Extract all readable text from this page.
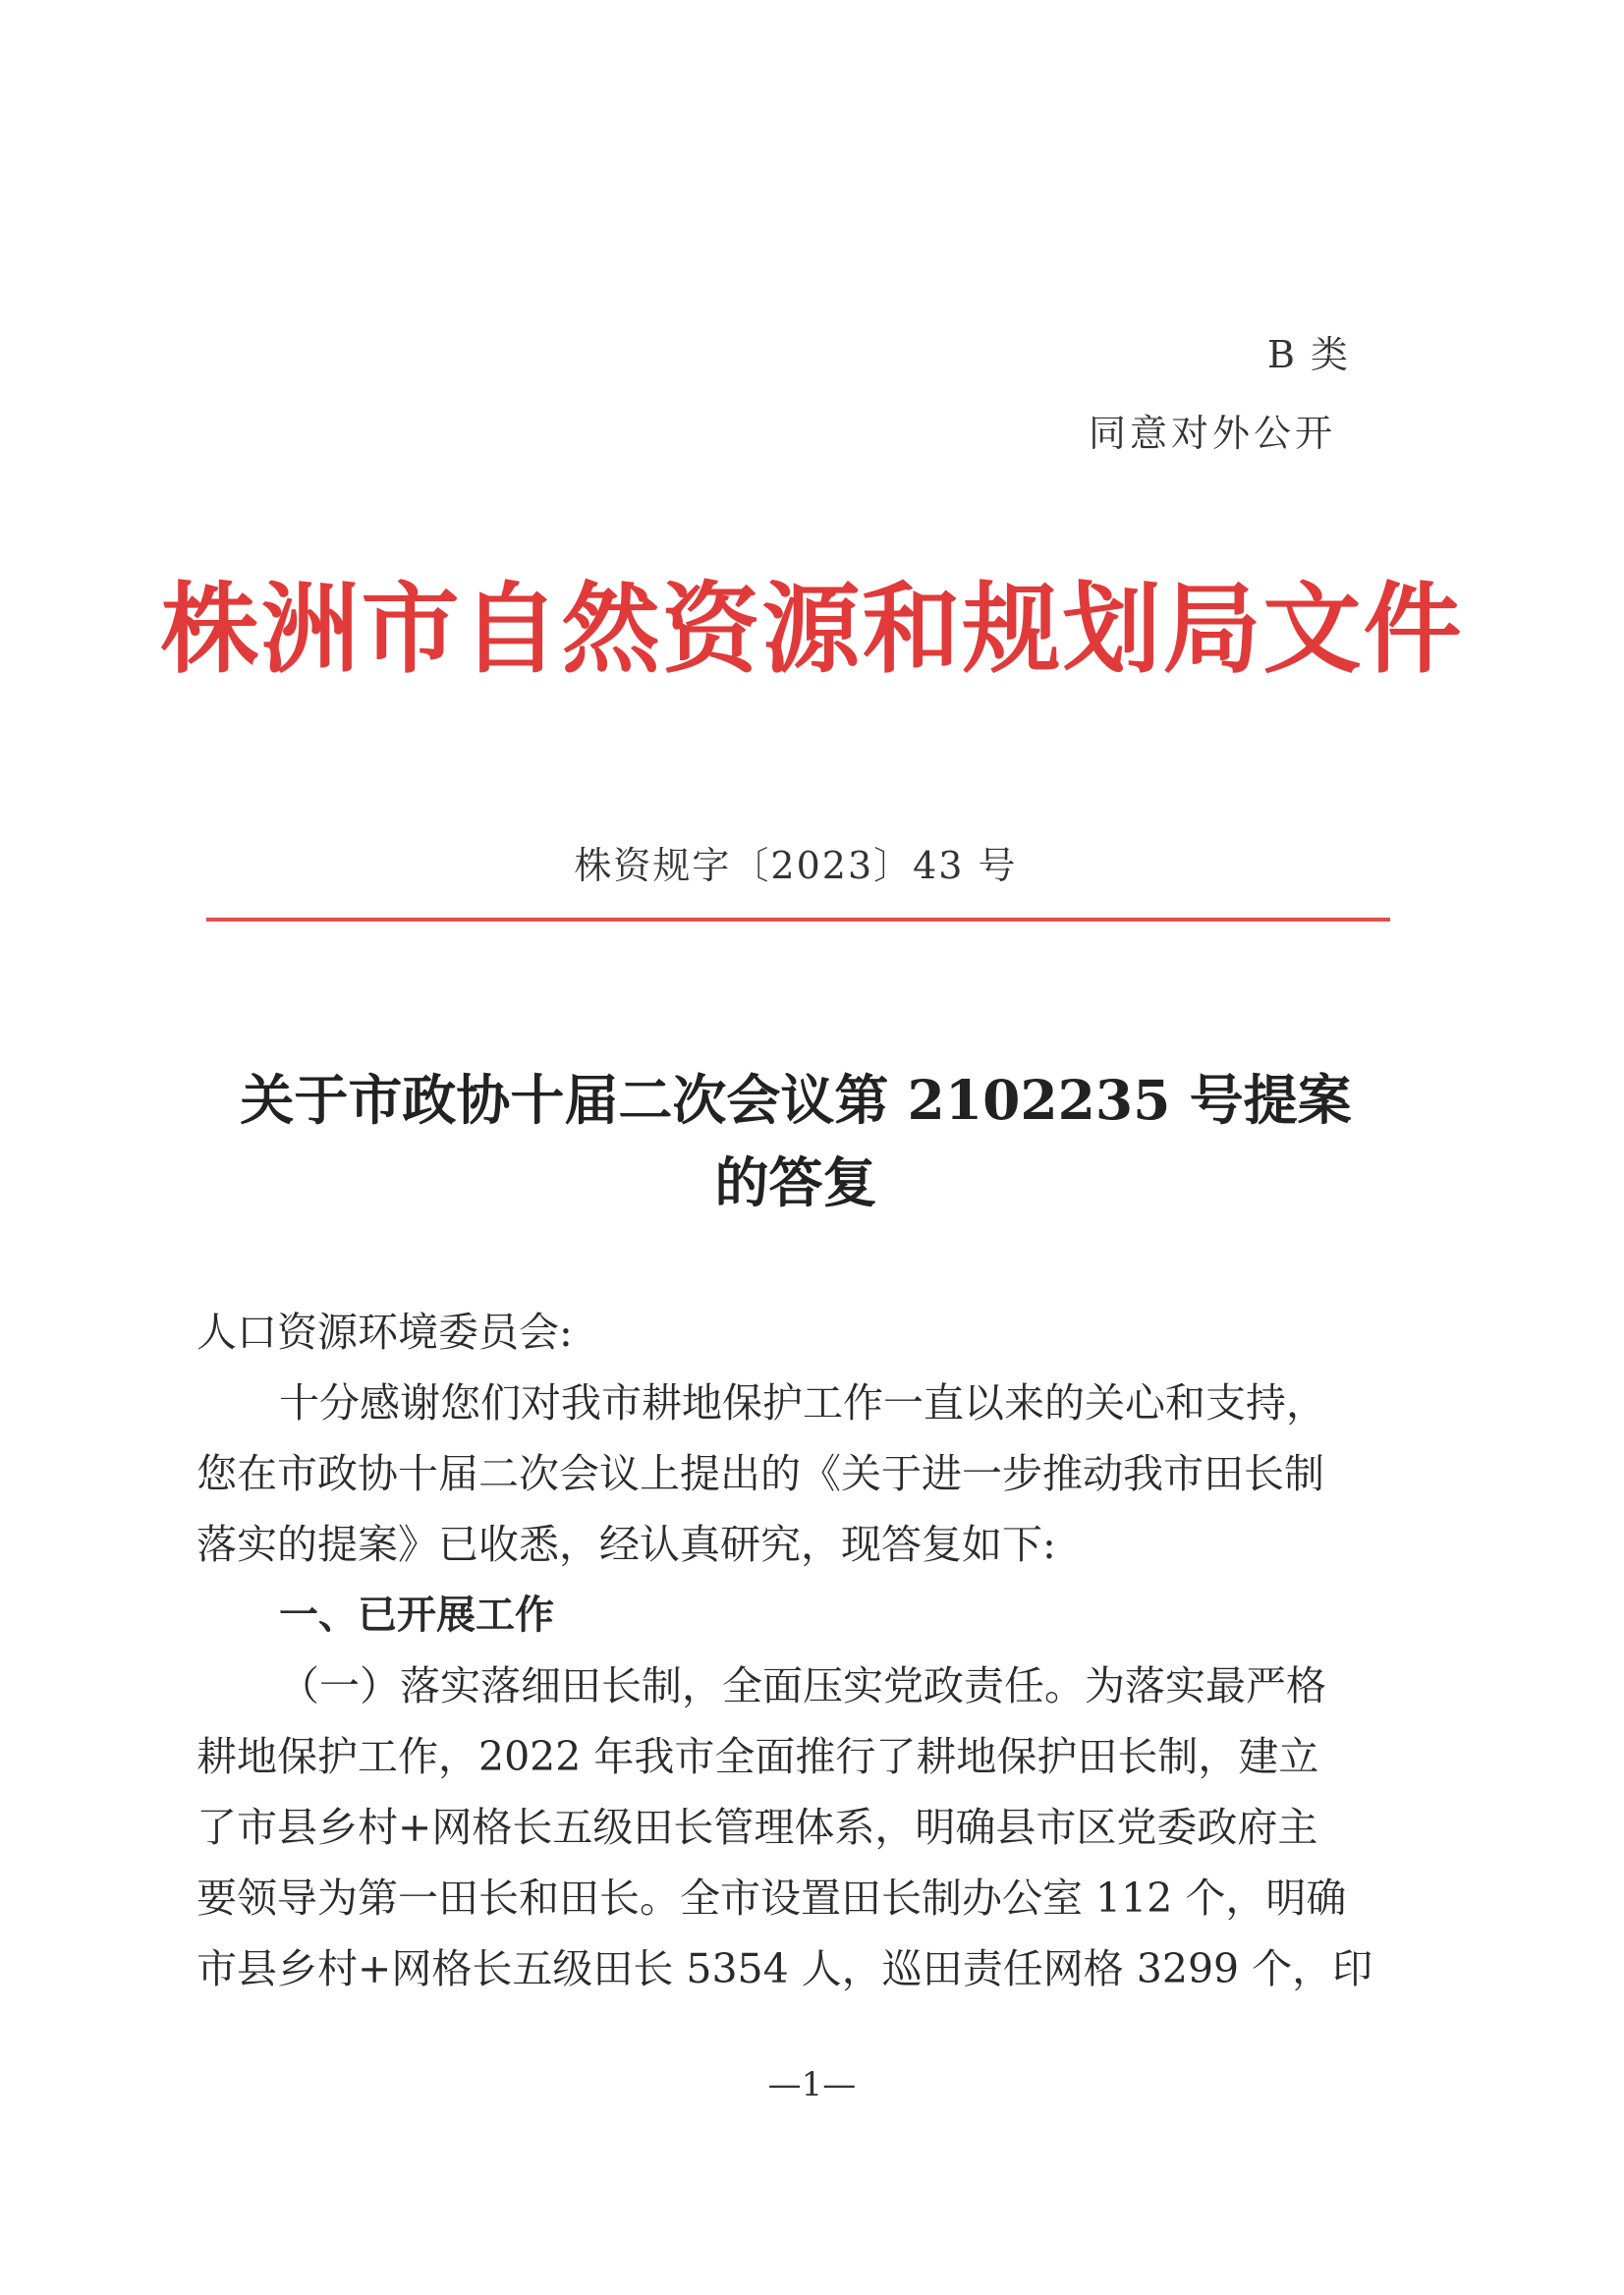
B 类
同意对外公开
株洲市自然资源和规划局文件
株资规字〔2023〕43 号
关于市政协十届二次会议第 2102235 号提案
的答复

人口资源环境委员会:

十分感谢您们对我市耕地保护工作一直以来的关心和支持，

您在市政协十届二次会议上提出的《关于进一步推动我市田长制

落实的提案》已收悉，经认真研究，现答复如下:

一、已开展工作

（一）落实落细田长制，全面压实党政责任。为落实最严格

耕地保护工作，2022 年我市全面推行了耕地保护田长制，建立

了市县乡村+网格长五级田长管理体系，明确县市区党委政府主

要领导为第一田长和田长。全市设置田长制办公室 112 个，明确

市县乡村+网格长五级田长 5354 人，巡田责任网格 3299 个，印

—1—
